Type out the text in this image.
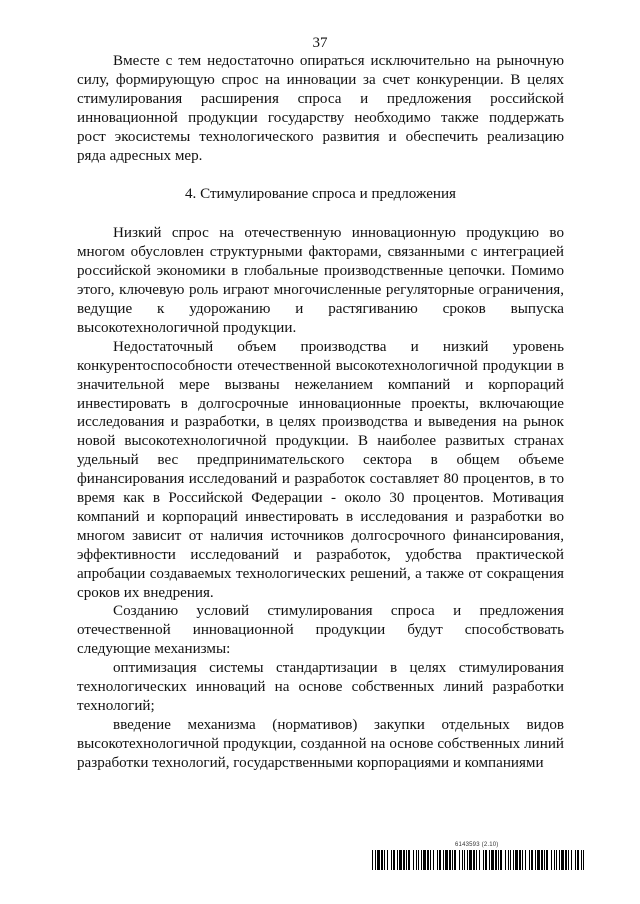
37

Вместе с тем недостаточно опираться исключительно на рыночную силу, формирующую спрос на инновации за счет конкуренции. В целях стимулирования расширения спроса и предложения российской инновационной продукции государству необходимо также поддержать рост экосистемы технологического развития и обеспечить реализацию ряда адресных мер.

4. Стимулирование спроса и предложения

Низкий спрос на отечественную инновационную продукцию во многом обусловлен структурными факторами, связанными с интеграцией российской экономики в глобальные производственные цепочки. Помимо этого, ключевую роль играют многочисленные регуляторные ограничения, ведущие к удорожанию и растягиванию сроков выпуска высокотехнологичной продукции.

Недостаточный объем производства и низкий уровень конкурентоспособности отечественной высокотехнологичной продукции в значительной мере вызваны нежеланием компаний и корпораций инвестировать в долгосрочные инновационные проекты, включающие исследования и разработки, в целях производства и выведения на рынок новой высокотехнологичной продукции. В наиболее развитых странах удельный вес предпринимательского сектора в общем объеме финансирования исследований и разработок составляет 80 процентов, в то время как в Российской Федерации - около 30 процентов. Мотивация компаний и корпораций инвестировать в исследования и разработки во многом зависит от наличия источников долгосрочного финансирования, эффективности исследований и разработок, удобства практической апробации создаваемых технологических решений, а также от сокращения сроков их внедрения.

Созданию условий стимулирования спроса и предложения отечественной инновационной продукции будут способствовать следующие механизмы:

оптимизация системы стандартизации в целях стимулирования технологических инноваций на основе собственных линий разработки технологий;

введение механизма (нормативов) закупки отдельных видов высокотехнологичной продукции, созданной на основе собственных линий разработки технологий, государственными корпорациями и компаниями

6143593 (2.10)
